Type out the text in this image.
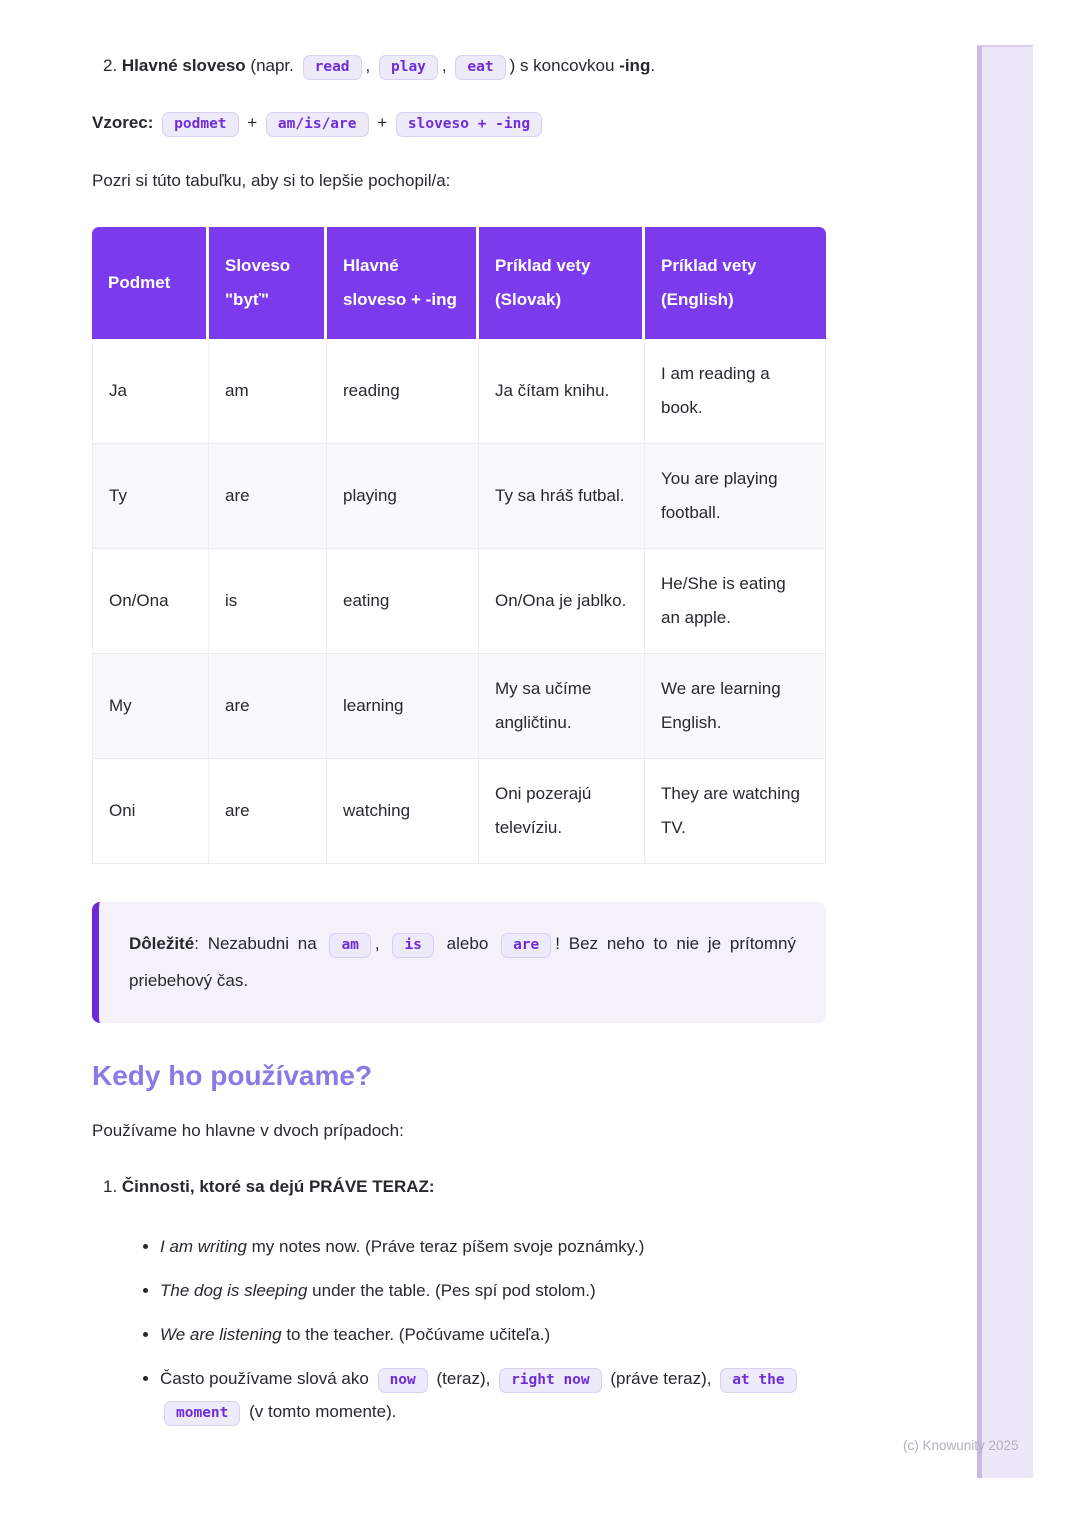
(c) Knowunity 2025

2. Hlavné sloveso (napr. read , play , eat ) s koncovkou -ing.

Vzorec: podmet + am/is/are + sloveso + -ing

Pozri si túto tabuľku, aby si to lepšie pochopil/a:

Podmet	Sloveso "byť"	Hlavné sloveso + -ing	Príklad vety (Slovak)	Príklad vety (English)
Ja	am	reading	Ja čítam knihu.	I am reading a book.
Ty	are	playing	Ty sa hráš futbal.	You are playing football.
On/Ona	is	eating	On/Ona je jablko.	He/She is eating an apple.
My	are	learning	My sa učíme angličtinu.	We are learning English.
Oni	are	watching	Oni pozerajú televíziu.	They are watching TV.
Dôležité: Nezabudni na am , is alebo are ! Bez neho to nie je prítomný priebehový čas.
Kedy ho používame?

Používame ho hlavne v dvoch prípadoch:

1. Činnosti, ktoré sa dejú PRÁVE TERAZ:

• I am writing my notes now. (Práve teraz píšem svoje poznámky.)
• The dog is sleeping under the table. (Pes spí pod stolom.)
• We are listening to the teacher. (Počúvame učiteľa.)
• Často používame slová ako now (teraz), right now (práve teraz), at the moment (v tomto momente).
